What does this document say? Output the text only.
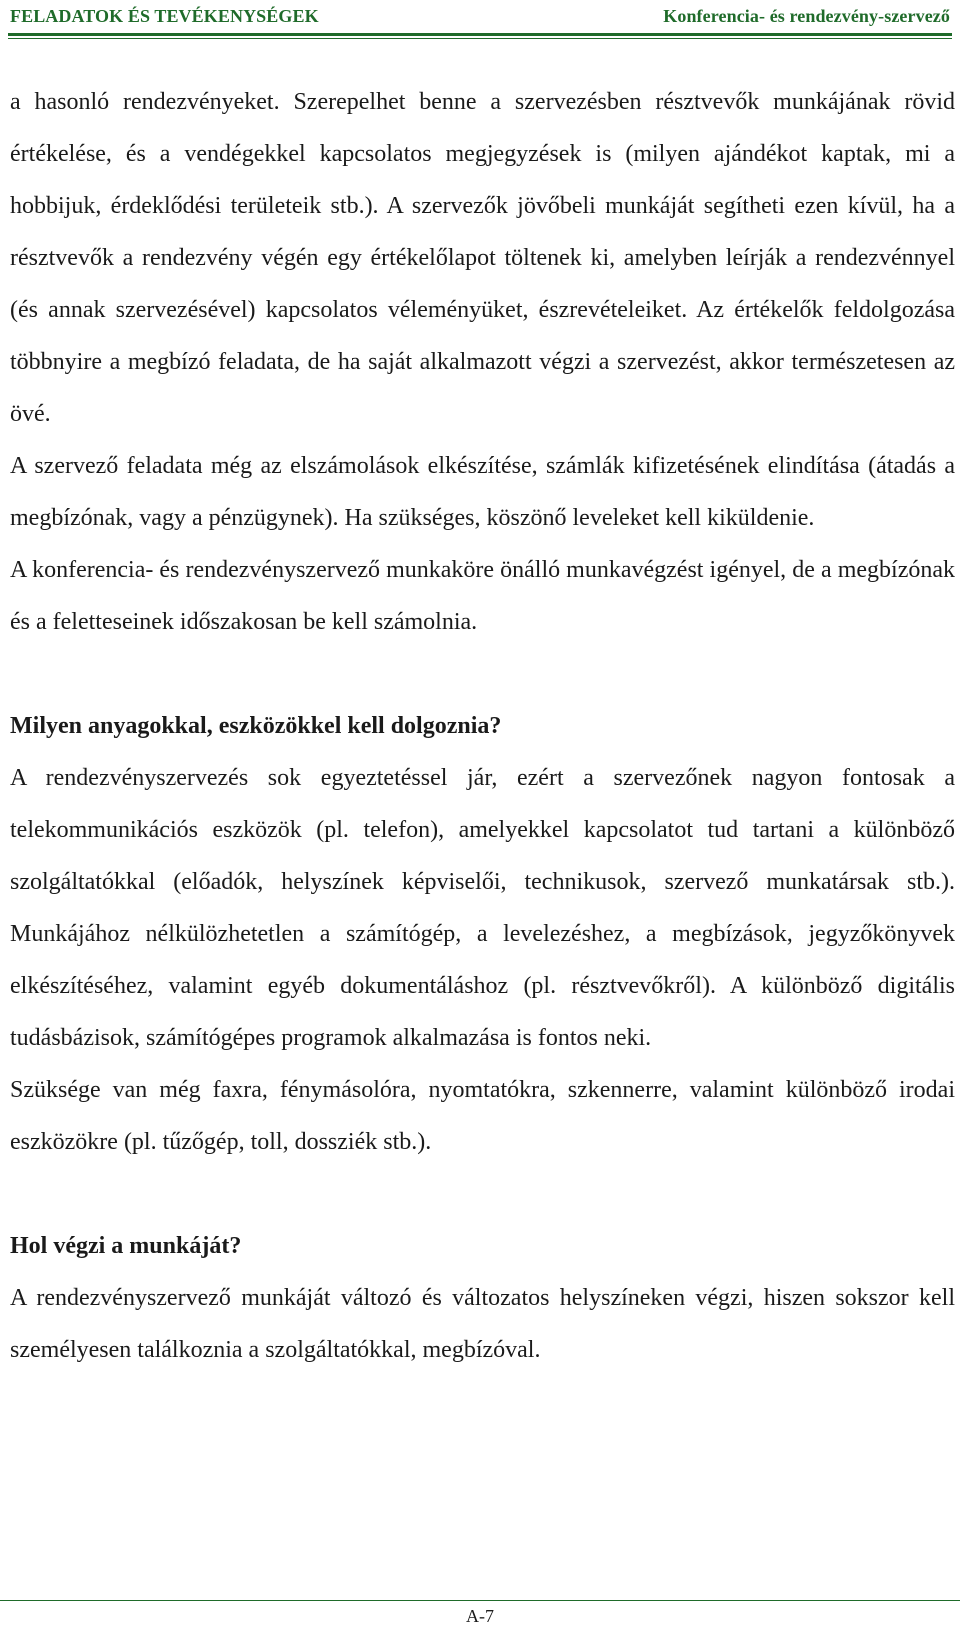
FELADATOK ÉS TEVÉKENYSÉGEK	Konferencia- és rendezvény-szervező

a hasonló rendezvényeket. Szerepelhet benne a szervezésben résztvevők munkájának rövid értékelése, és a vendégekkel kapcsolatos megjegyzések is (milyen ajándékot kaptak, mi a hobbijuk, érdeklődési területeik stb.). A szervezők jövőbeli munkáját segítheti ezen kívül, ha a résztvevők a rendezvény végén egy értékelőlapot töltenek ki, amelyben leírják a rendezvénnyel (és annak szervezésével) kapcsolatos véleményüket, észrevételeiket. Az értékelők feldolgozása többnyire a megbízó feladata, de ha saját alkalmazott végzi a szervezést, akkor természetesen az övé.

A szervező feladata még az elszámolások elkészítése, számlák kifizetésének elindítása (átadás a megbízónak, vagy a pénzügynek). Ha szükséges, köszönő leveleket kell kiküldenie.

A konferencia- és rendezvényszervező munkaköre önálló munkavégzést igényel, de a megbízónak és a feletteseinek időszakosan be kell számolnia.

Milyen anyagokkal, eszközökkel kell dolgoznia?

A rendezvényszervezés sok egyeztetéssel jár, ezért a szervezőnek nagyon fontosak a telekommunikációs eszközök (pl. telefon), amelyekkel kapcsolatot tud tartani a különböző szolgáltatókkal (előadók, helyszínek képviselői, technikusok, szervező munkatársak stb.). Munkájához nélkülözhetetlen a számítógép, a levelezéshez, a megbízások, jegyzőkönyvek elkészítéséhez, valamint egyéb dokumentáláshoz (pl. résztvevőkről). A különböző digitális tudásbázisok, számítógépes programok alkalmazása is fontos neki.

Szüksége van még faxra, fénymásolóra, nyomtatókra, szkennerre, valamint különböző irodai eszközökre (pl. tűzőgép, toll, dossziék stb.).

Hol végzi a munkáját?

A rendezvényszervező munkáját változó és változatos helyszíneken végzi, hiszen sokszor kell személyesen találkoznia a szolgáltatókkal, megbízóval.

A-7
